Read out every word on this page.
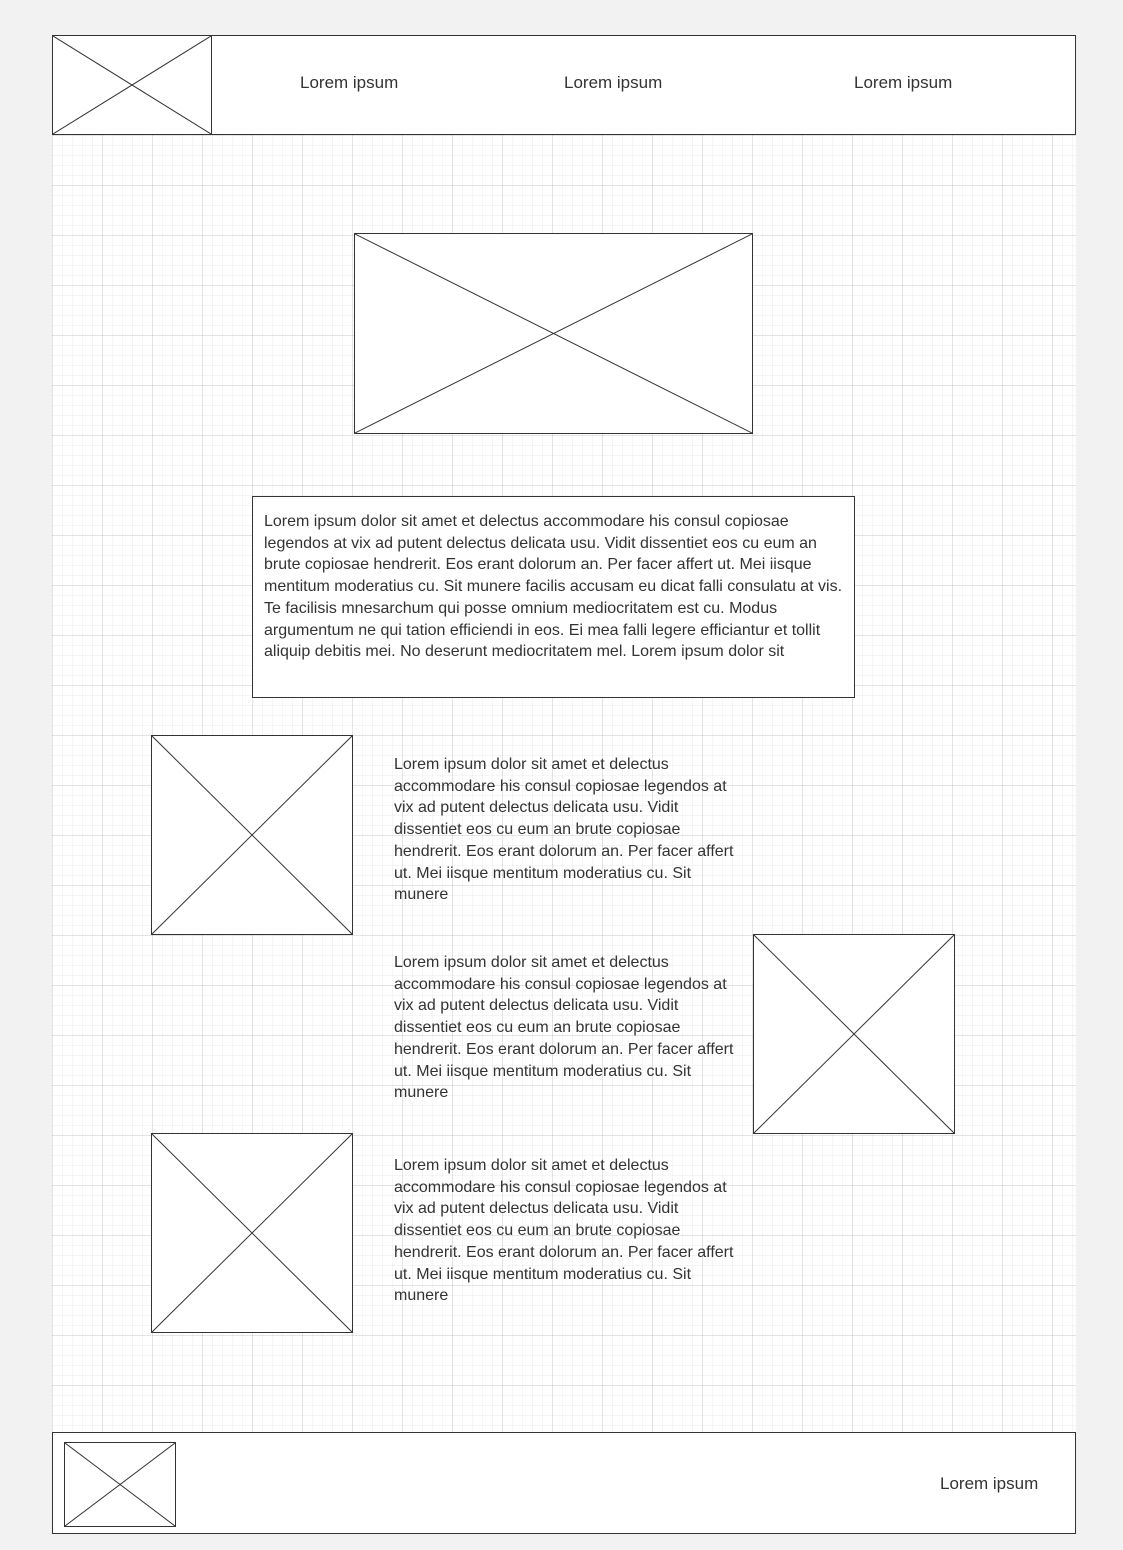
Lorem ipsum	Lorem ipsum	Lorem ipsum
Lorem ipsum dolor sit amet et delectus accommodare his consul copiosae legendos at vix ad putent delectus delicata usu. Vidit dissentiet eos cu eum an brute copiosae hendrerit. Eos erant dolorum an. Per facer affert ut. Mei iisque mentitum moderatius cu. Sit munere facilis accusam eu dicat falli consulatu at vis. Te facilisis mnesarchum qui posse omnium mediocritatem est cu. Modus argumentum ne qui tation efficiendi in eos. Ei mea falli legere efficiantur et tollit aliquip debitis mei. No deserunt mediocritatem mel. Lorem ipsum dolor sit
Lorem ipsum dolor sit amet et delectus accommodare his consul copiosae legendos at vix ad putent delectus delicata usu. Vidit dissentiet eos cu eum an brute copiosae hendrerit. Eos erant dolorum an. Per facer affert ut. Mei iisque mentitum moderatius cu. Sit munere
Lorem ipsum dolor sit amet et delectus accommodare his consul copiosae legendos at vix ad putent delectus delicata usu. Vidit dissentiet eos cu eum an brute copiosae hendrerit. Eos erant dolorum an. Per facer affert ut. Mei iisque mentitum moderatius cu. Sit munere
Lorem ipsum dolor sit amet et delectus accommodare his consul copiosae legendos at vix ad putent delectus delicata usu. Vidit dissentiet eos cu eum an brute copiosae hendrerit. Eos erant dolorum an. Per facer affert ut. Mei iisque mentitum moderatius cu. Sit munere
Lorem ipsum
